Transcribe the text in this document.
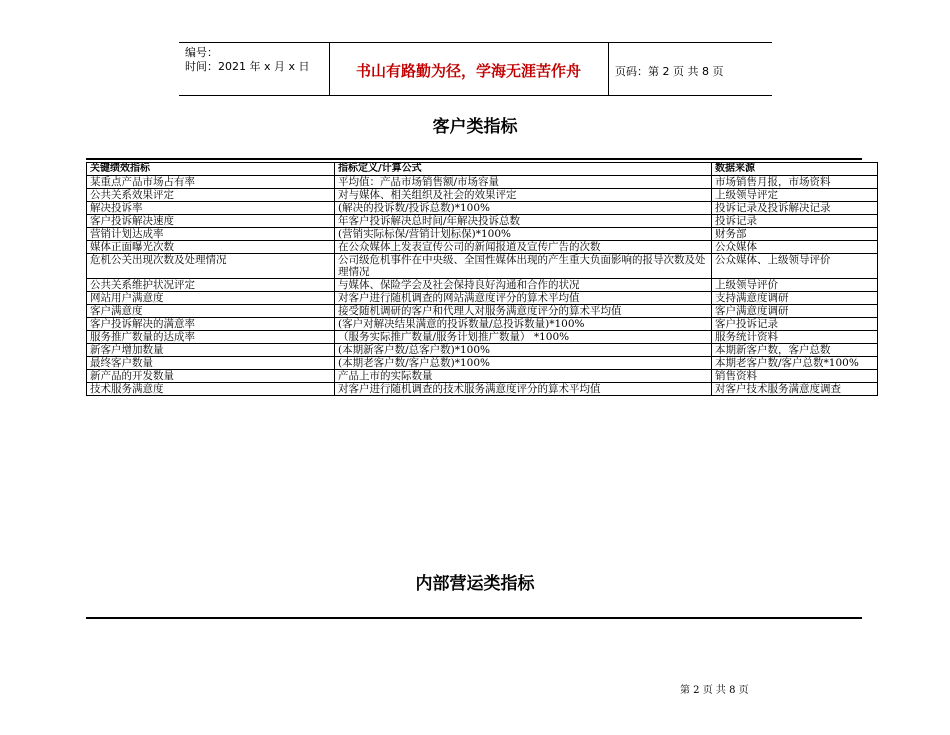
编号：
时间：2021 年 x 月 x 日	书山有路勤为径，学海无涯苦作舟	页码：第 2 页 共 8 页
客户类指标
关键绩效指标	指标定义/计算公式	数据来源
某重点产品市场占有率	平均值：产品市场销售额/市场容量	市场销售月报，市场资料
公共关系效果评定	对与媒体、相关组织及社会的效果评定	上级领导评定
解决投诉率	(解决的投诉数/投诉总数)*100%	投诉记录及投诉解决记录
客户投诉解决速度	年客户投诉解决总时间/年解决投诉总数	投诉记录
营销计划达成率	(营销实际标保/营销计划标保)*100%	财务部
媒体正面曝光次数	在公众媒体上发表宣传公司的新闻报道及宣传广告的次数	公众媒体
危机公关出现次数及处理情况	公司级危机事件在中央级、全国性媒体出现的产生重大负面影响的报导次数及处理情况	公众媒体、上级领导评价
公共关系维护状况评定	与媒体、保险学会及社会保持良好沟通和合作的状况	上级领导评价
网站用户满意度	对客户进行随机调查的网站满意度评分的算术平均值	支持满意度调研
客户满意度	接受随机调研的客户和代理人对服务满意度评分的算术平均值	客户满意度调研
客户投诉解决的满意率	(客户对解决结果满意的投诉数量/总投诉数量)*100%	客户投诉记录
服务推广数量的达成率	（服务实际推广数量/服务计划推广数量） *100%	服务统计资料
新客户增加数量	(本期新客户数/总客户数)*100%	本期新客户数，客户总数
最终客户数量	(本期老客户数/客户总数)*100%	本期老客户数/客户总数*100%
新产品的开发数量	产品上市的实际数量	销售资料
技术服务满意度	对客户进行随机调查的技术服务满意度评分的算术平均值	对客户技术服务满意度调查
内部营运类指标
第 2 页 共 8 页
